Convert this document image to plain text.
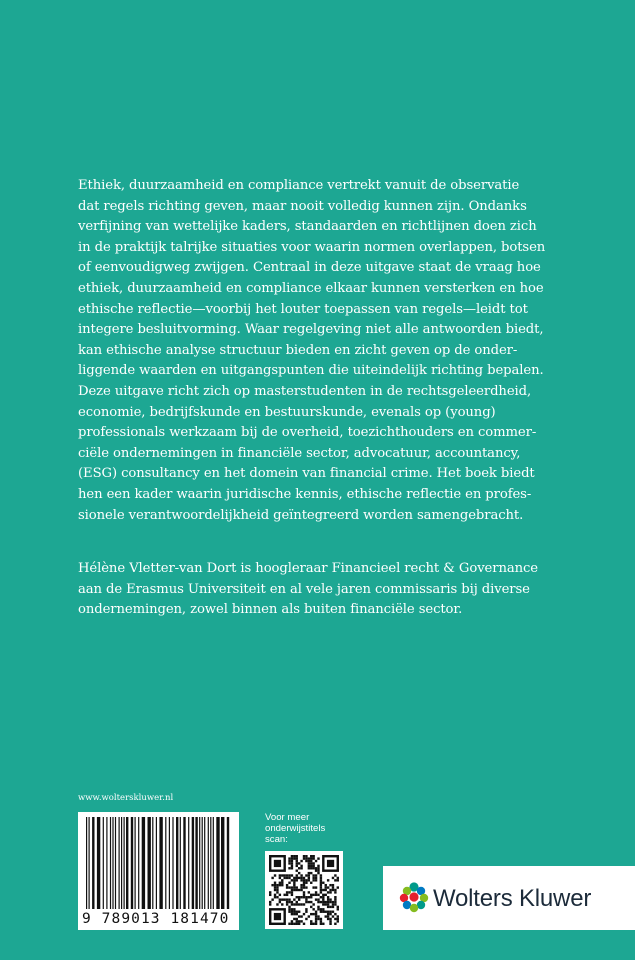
Ethiek, duurzaamheid en compliance vertrekt vanuit de observatie
dat regels richting geven, maar nooit volledig kunnen zijn. Ondanks
verfijning van wettelijke kaders, standaarden en richtlijnen doen zich
in de praktijk talrijke situaties voor waarin normen overlappen, botsen
of eenvoudigweg zwijgen. Centraal in deze uitgave staat de vraag hoe
ethiek, duurzaamheid en compliance elkaar kunnen versterken en hoe
ethische reflectie—voorbij het louter toepassen van regels—leidt tot
integere besluitvorming. Waar regelgeving niet alle antwoorden biedt,
kan ethische analyse structuur bieden en zicht geven op de onder-
liggende waarden en uitgangspunten die uiteindelijk richting bepalen.
Deze uitgave richt zich op masterstudenten in de rechtsgeleerdheid,
economie, bedrijfskunde en bestuurskunde, evenals op (young)
professionals werkzaam bij de overheid, toezichthouders en commer-
ciële ondernemingen in financiële sector, advocatuur, accountancy,
(ESG) consultancy en het domein van financial crime. Het boek biedt
hen een kader waarin juridische kennis, ethische reflectie en profes-
sionele verantwoordelijkheid geïntegreerd worden samengebracht.
Hélène Vletter-van Dort is hoogleraar Financieel recht & Governance
aan de Erasmus Universiteit en al vele jaren commissaris bij diverse
ondernemingen, zowel binnen als buiten financiële sector.
www.wolterskluwer.nl
9 789013 181470
Voor meer
onderwijstitels
scan:
Wolters Kluwer
